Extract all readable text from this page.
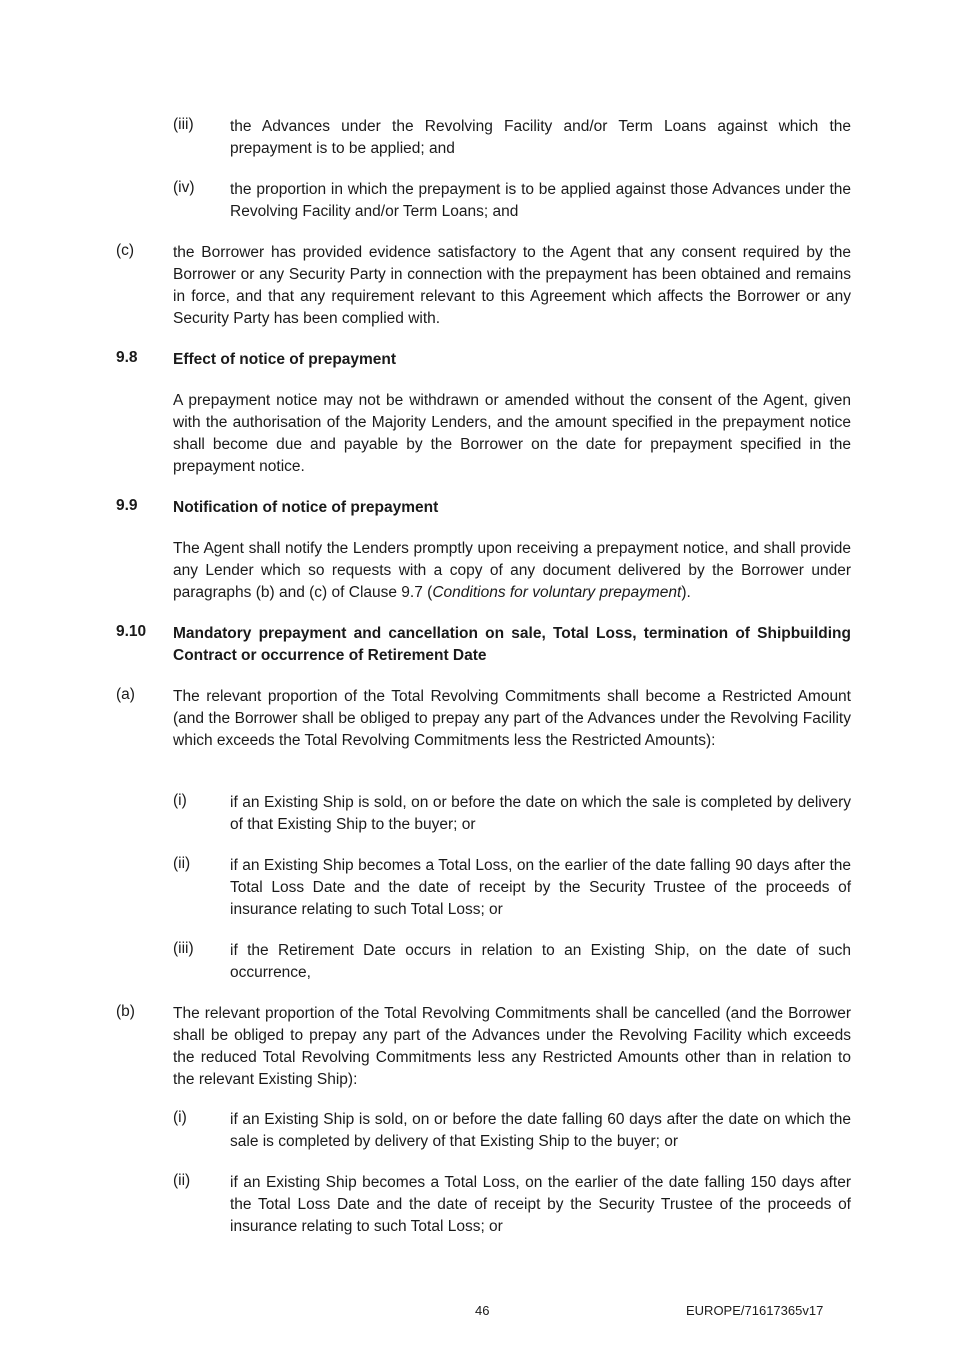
(iii) the Advances under the Revolving Facility and/or Term Loans against which the prepayment is to be applied; and
(iv) the proportion in which the prepayment is to be applied against those Advances under the Revolving Facility and/or Term Loans; and
(c)	the Borrower has provided evidence satisfactory to the Agent that any consent required by the Borrower or any Security Party in connection with the prepayment has been obtained and remains in force, and that any requirement relevant to this Agreement which affects the Borrower or any Security Party has been complied with.
9.8 Effect of notice of prepayment
A prepayment notice may not be withdrawn or amended without the consent of the Agent, given with the authorisation of the Majority Lenders, and the amount specified in the prepayment notice shall become due and payable by the Borrower on the date for prepayment specified in the prepayment notice.
9.9 Notification of notice of prepayment
The Agent shall notify the Lenders promptly upon receiving a prepayment notice, and shall provide any Lender which so requests with a copy of any document delivered by the Borrower under paragraphs (b) and (c) of Clause 9.7 (Conditions for voluntary prepayment).
9.10 Mandatory prepayment and cancellation on sale, Total Loss, termination of Shipbuilding Contract or occurrence of Retirement Date
(a) The relevant proportion of the Total Revolving Commitments shall become a Restricted Amount (and the Borrower shall be obliged to prepay any part of the Advances under the Revolving Facility which exceeds the Total Revolving Commitments less the Restricted Amounts):
(i)	if an Existing Ship is sold, on or before the date on which the sale is completed by delivery of that Existing Ship to the buyer; or
(ii)	if an Existing Ship becomes a Total Loss, on the earlier of the date falling 90 days after the Total Loss Date and the date of receipt by the Security Trustee of the proceeds of insurance relating to such Total Loss; or
(iii) if the Retirement Date occurs in relation to an Existing Ship, on the date of such occurrence,
(b) The relevant proportion of the Total Revolving Commitments shall be cancelled (and the Borrower shall be obliged to prepay any part of the Advances under the Revolving Facility which exceeds the reduced Total Revolving Commitments less any Restricted Amounts other than in relation to the relevant Existing Ship):
(i)	if an Existing Ship is sold, on or before the date falling 60 days after the date on which the sale is completed by delivery of that Existing Ship to the buyer; or
(ii)	if an Existing Ship becomes a Total Loss, on the earlier of the date falling 150 days after the Total Loss Date and the date of receipt by the Security Trustee of the proceeds of insurance relating to such Total Loss; or
46	EUROPE/71617365v17
